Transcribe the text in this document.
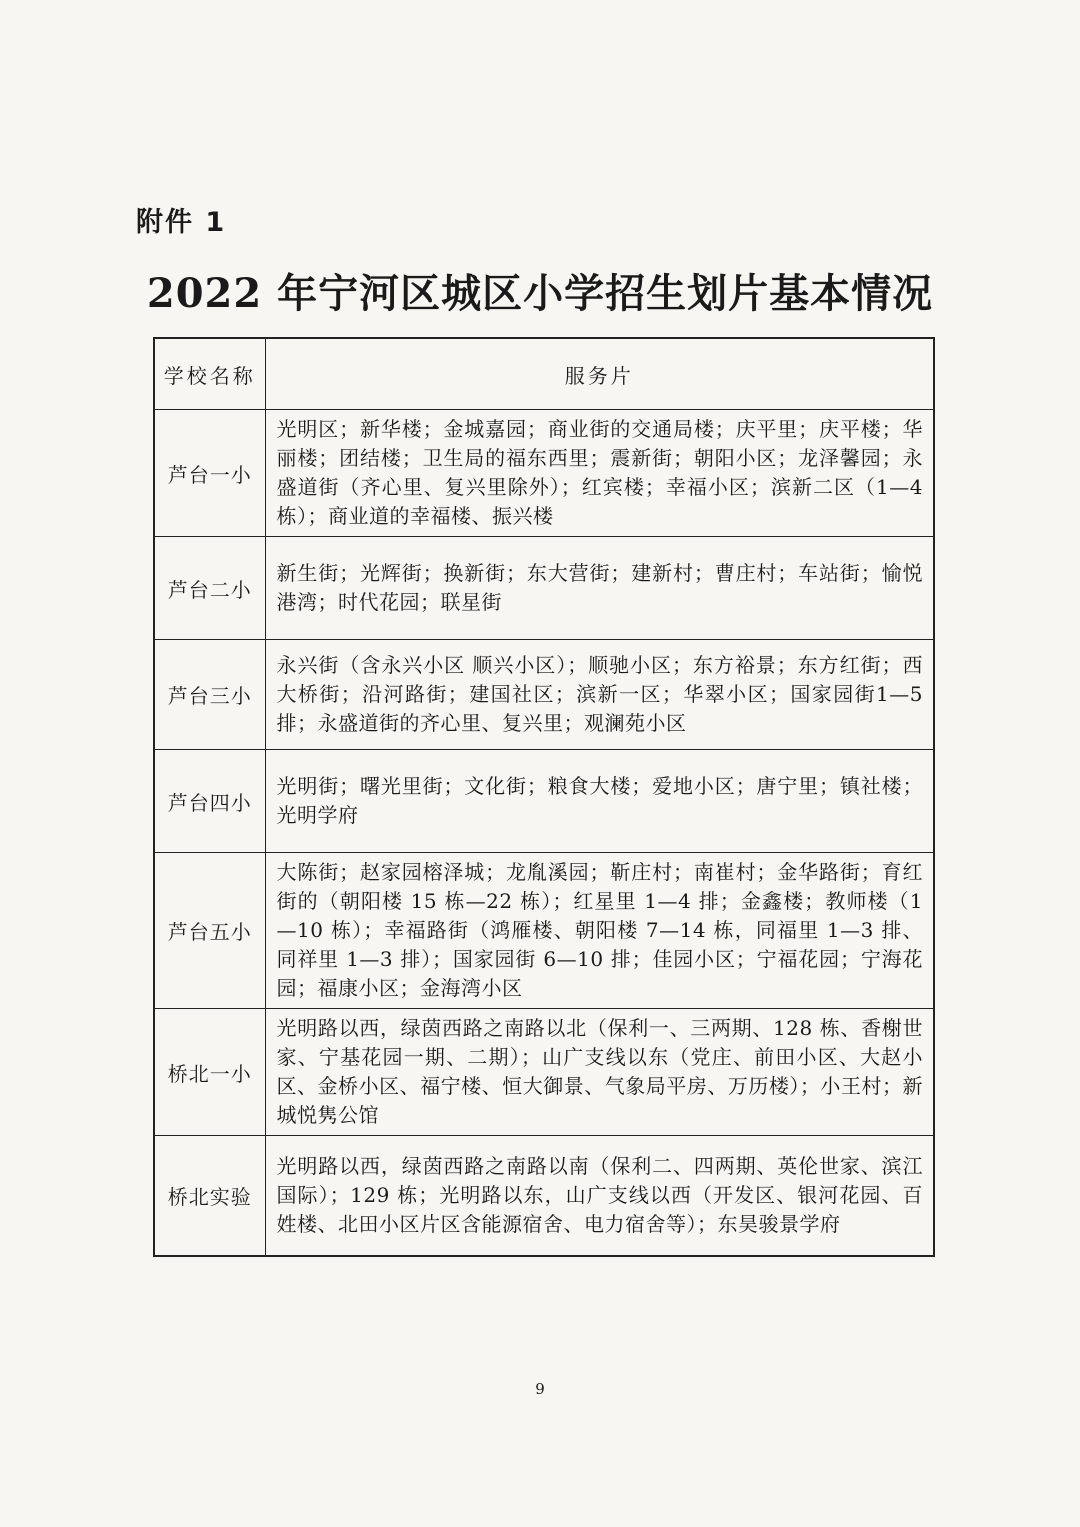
附件 1
2022 年宁河区城区小学招生划片基本情况
学校名称	服务片
芦台一小	光明区；新华楼；金城嘉园；商业街的交通局楼；庆平里；庆平楼；华丽楼；团结楼；卫生局的福东西里；震新街；朝阳小区；龙泽馨园；永盛道街（齐心里、复兴里除外）；红宾楼；幸福小区；滨新二区（1—4栋）；商业道的幸福楼、振兴楼
芦台二小	新生街；光辉街；换新街；东大营街；建新村；曹庄村；车站街；愉悦港湾；时代花园；联星街
芦台三小	永兴街（含永兴小区 顺兴小区）；顺驰小区；东方裕景；东方红街；西大桥街；沿河路街；建国社区；滨新一区；华翠小区；国家园街1—5 排；永盛道街的齐心里、复兴里；观澜苑小区
芦台四小	光明街；曙光里街；文化街；粮食大楼；爱地小区；唐宁里；镇社楼；光明学府
芦台五小	大陈街；赵家园榕泽城；龙胤溪园；靳庄村；南崔村；金华路街；育红街的（朝阳楼 15 栋—22 栋）；红星里 1—4 排；金鑫楼；教师楼（1—10 栋）；幸福路街（鸿雁楼、朝阳楼 7—14 栋，同福里 1—3 排、同祥里 1—3 排）；国家园街 6—10 排；佳园小区；宁福花园；宁海花园；福康小区；金海湾小区
桥北一小	光明路以西，绿茵西路之南路以北（保利一、三两期、128 栋、香榭世家、宁基花园一期、二期）；山广支线以东（党庄、前田小区、大赵小区、金桥小区、福宁楼、恒大御景、气象局平房、万历楼）；小王村；新城悦隽公馆
桥北实验	光明路以西，绿茵西路之南路以南（保利二、四两期、英伦世家、滨江国际）；129 栋；光明路以东，山广支线以西（开发区、银河花园、百姓楼、北田小区片区含能源宿舍、电力宿舍等）；东昊骏景学府
9
